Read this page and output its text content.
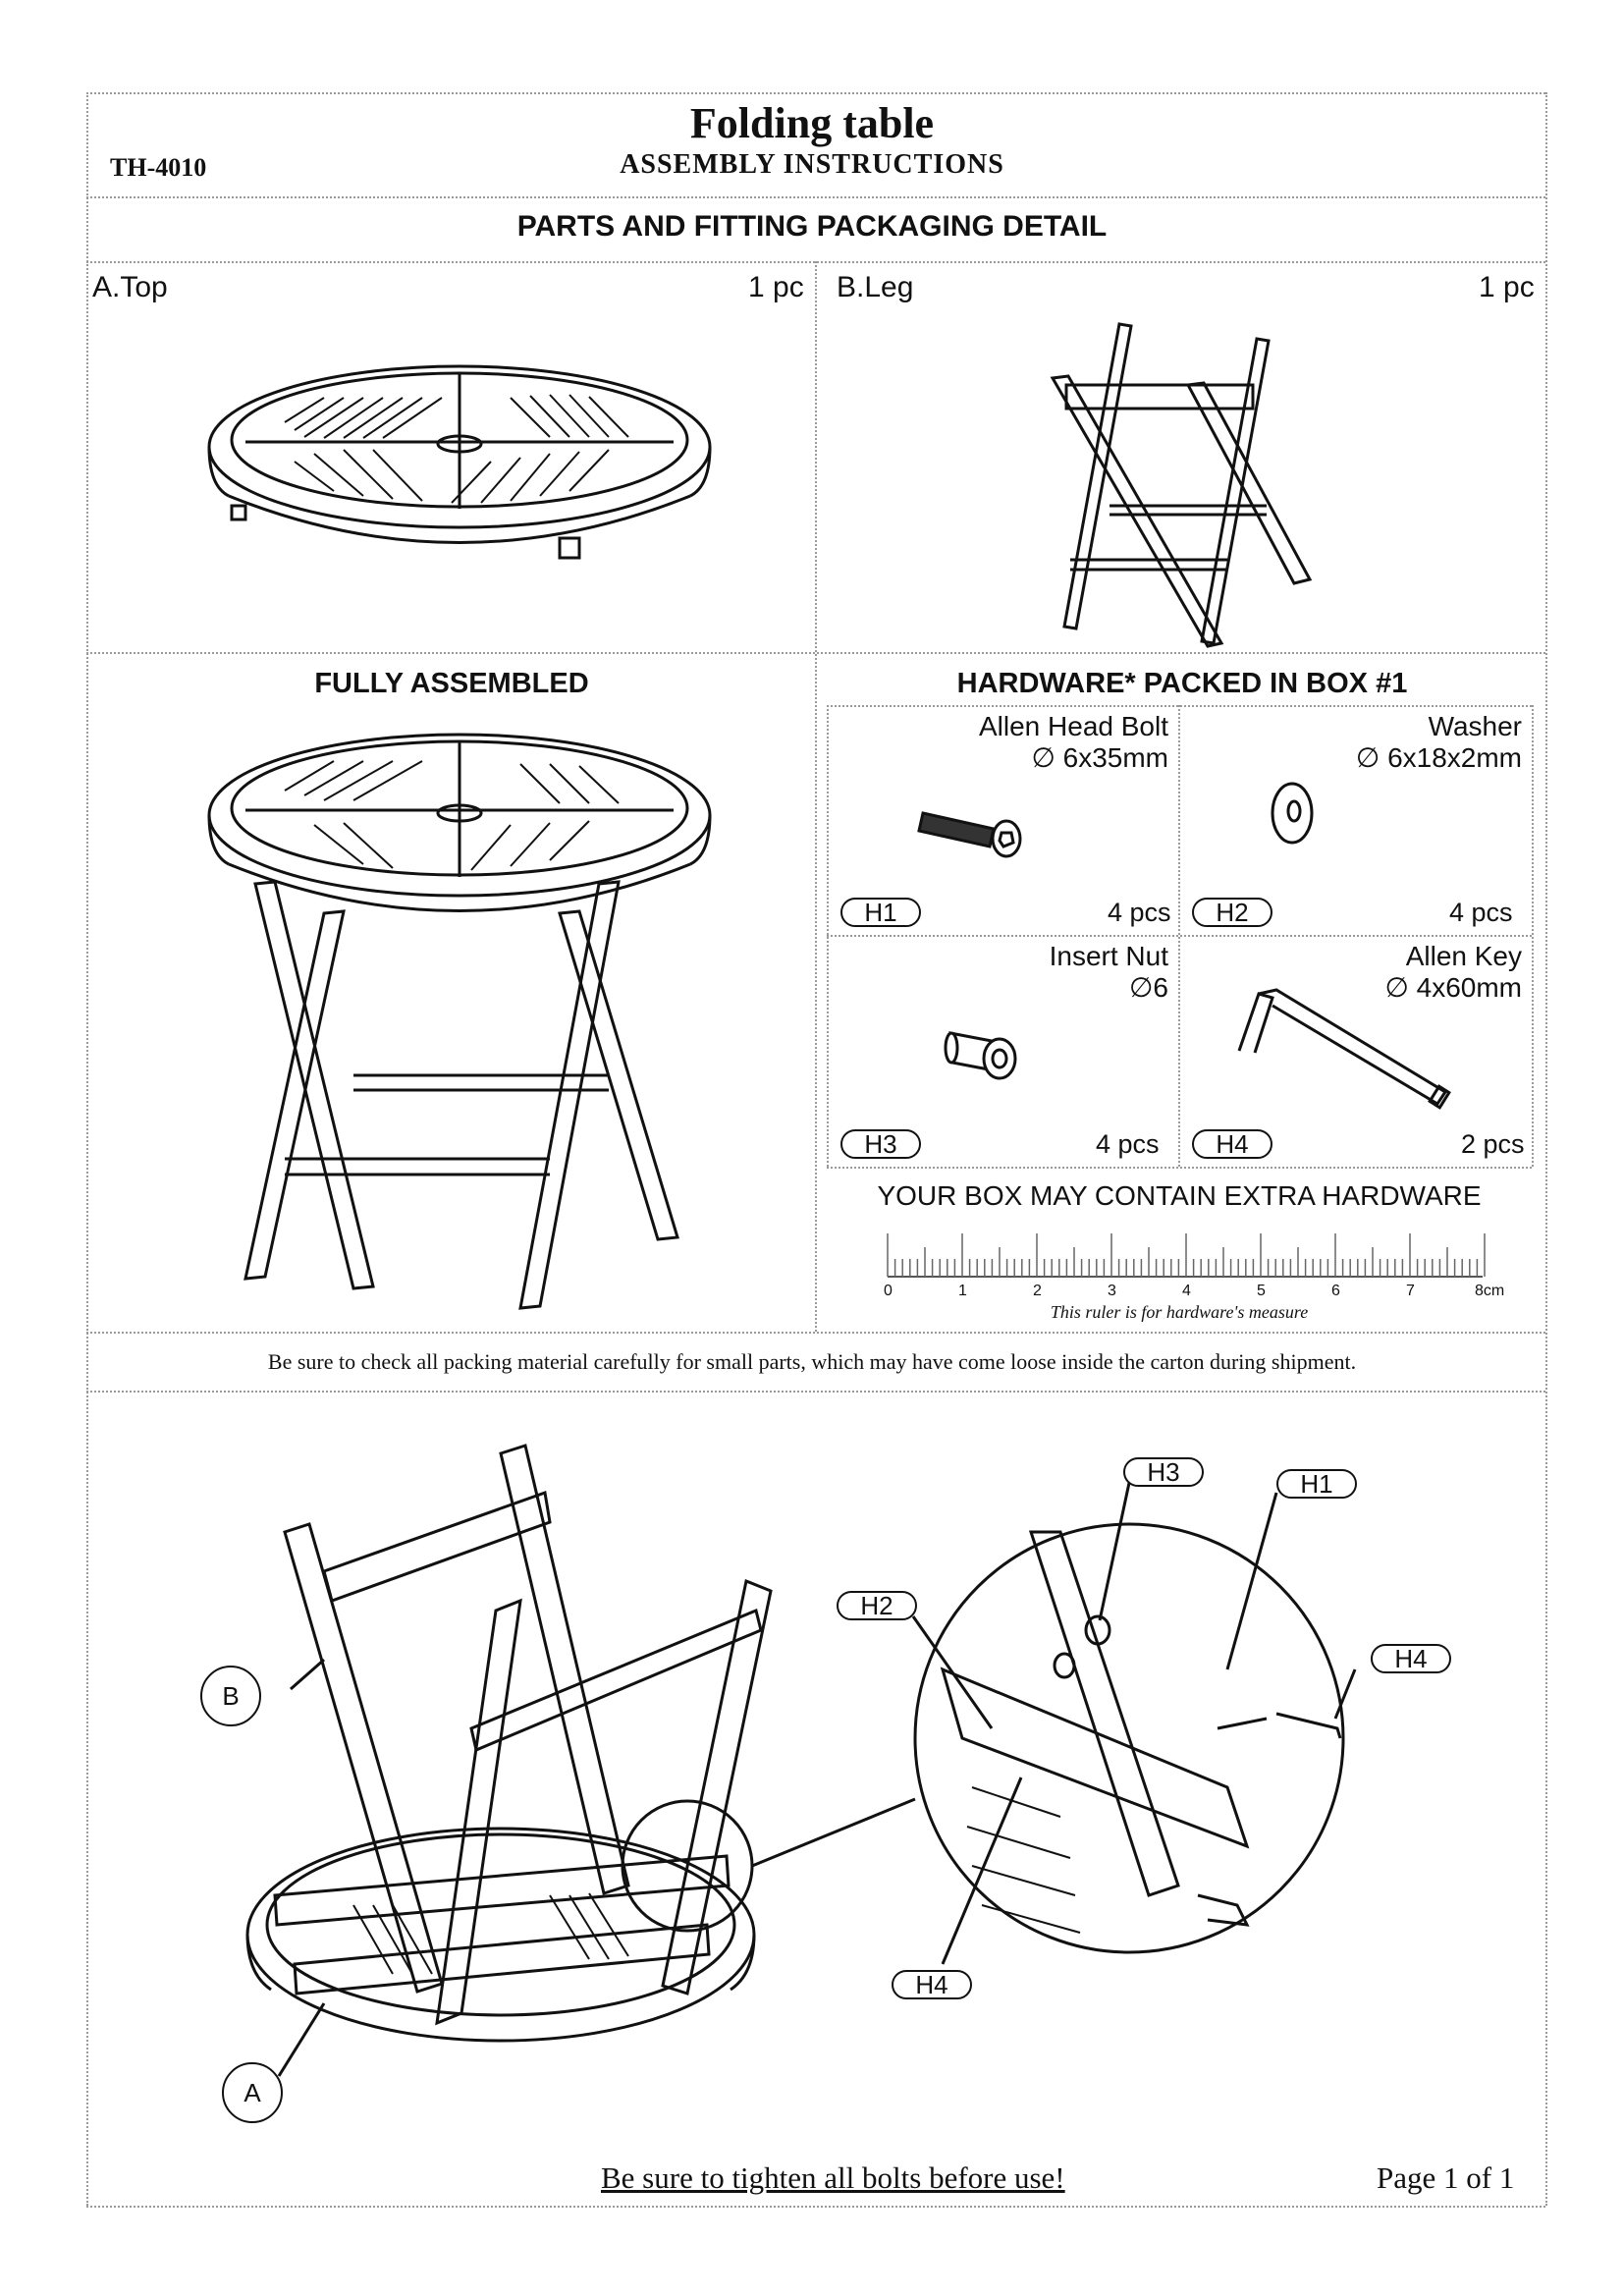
Folding table
ASSEMBLY INSTRUCTIONS
TH-4010
PARTS AND FITTING PACKAGING DETAIL
A.Top	1 pc B.Leg	1 pc
FULLY ASSEMBLED	HARDWARE* PACKED IN BOX #1
Allen Head Bolt
∅ 6x35mm
H1	4 pcs
Washer
∅ 6x18x2mm
H2	4 pcs
Insert Nut
∅6
H3	4 pcs
Allen Key
∅ 4x60mm
H4	2 pcs
YOUR BOX MAY CONTAIN EXTRA HARDWARE
0	1	2	3	4	5	6	7	8cm
This ruler is for hardware's measure
Be sure to check all packing material carefully for small parts, which may have come loose inside the carton during shipment.
B
A
H3	H1
H2
H4
H4
Be sure to tighten all bolts before use!	Page 1 of 1
